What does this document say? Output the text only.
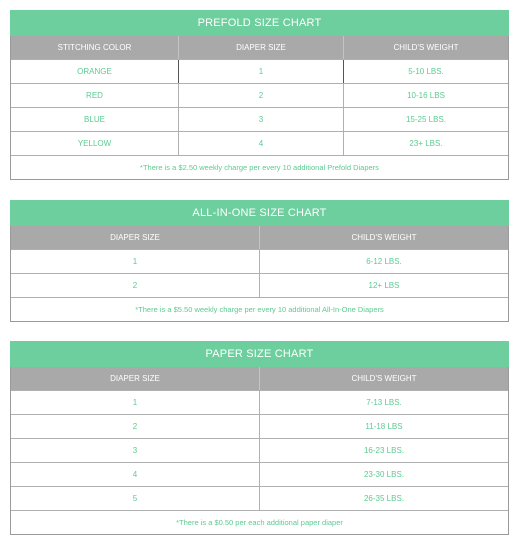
PREFOLD SIZE CHART
STITCHING COLOR	DIAPER SIZE	CHILD'S WEIGHT
ORANGE	1	5-10 LBS.
RED	2	10-16 LBS
BLUE	3	15-25 LBS.
YELLOW	4	23+ LBS.
*There is a $2.50 weekly charge per every 10 additional Prefold Diapers
ALL-IN-ONE SIZE CHART
DIAPER SIZE	CHILD'S WEIGHT
1	6-12 LBS.
2	12+ LBS
*There is a $5.50 weekly charge per every 10 additional All-In-One Diapers
PAPER SIZE CHART
DIAPER SIZE	CHILD'S WEIGHT
1	7-13 LBS.
2	11-18 LBS
3	16-23 LBS.
4	23-30 LBS.
5	26-35 LBS.
*There is a $0.50 per each additional paper diaper
